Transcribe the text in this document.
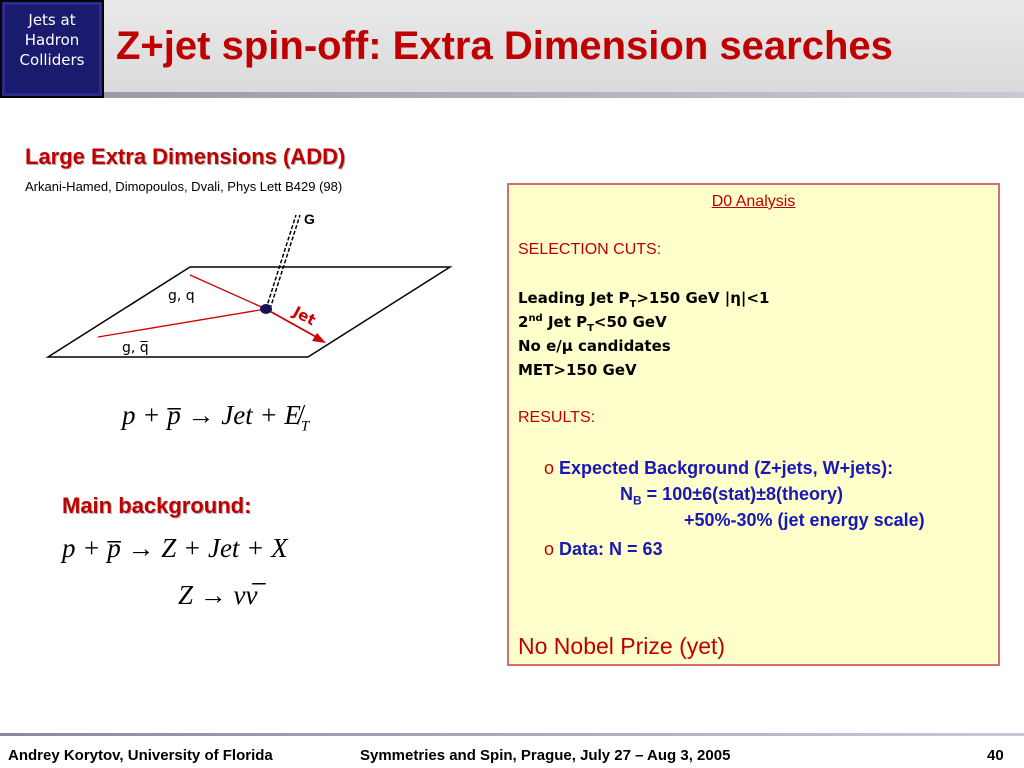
Jets at
Hadron
Colliders Z+jet spin-off: Extra Dimension searches
Large Extra Dimensions (ADD)
Arkani-Hamed, Dimopoulos, Dvali, Phys Lett B429 (98)
G
Jet
g, q
g, q̅
p + p̅ → Jet + $E̸_T$
Main background:
p + p̅ → Z + Jet + X
Z → νν̅
D0 Analysis
SELECTION CUTS:
Leading Jet $P_T>150$ GeV |η|<1
2nd Jet $P_T<50$ GeV
No e/μ candidates
MET>150 GeV
RESULTS:
o Expected Background (Z+jets, W+jets):
$N_B$ = 100±6(stat)±8(theory)
+50%-30% (jet energy scale)
o Data: N = 63
No Nobel Prize (yet)
Andrey Korytov, University of Florida	Symmetries and Spin, Prague, July 27 – Aug 3, 2005	40
